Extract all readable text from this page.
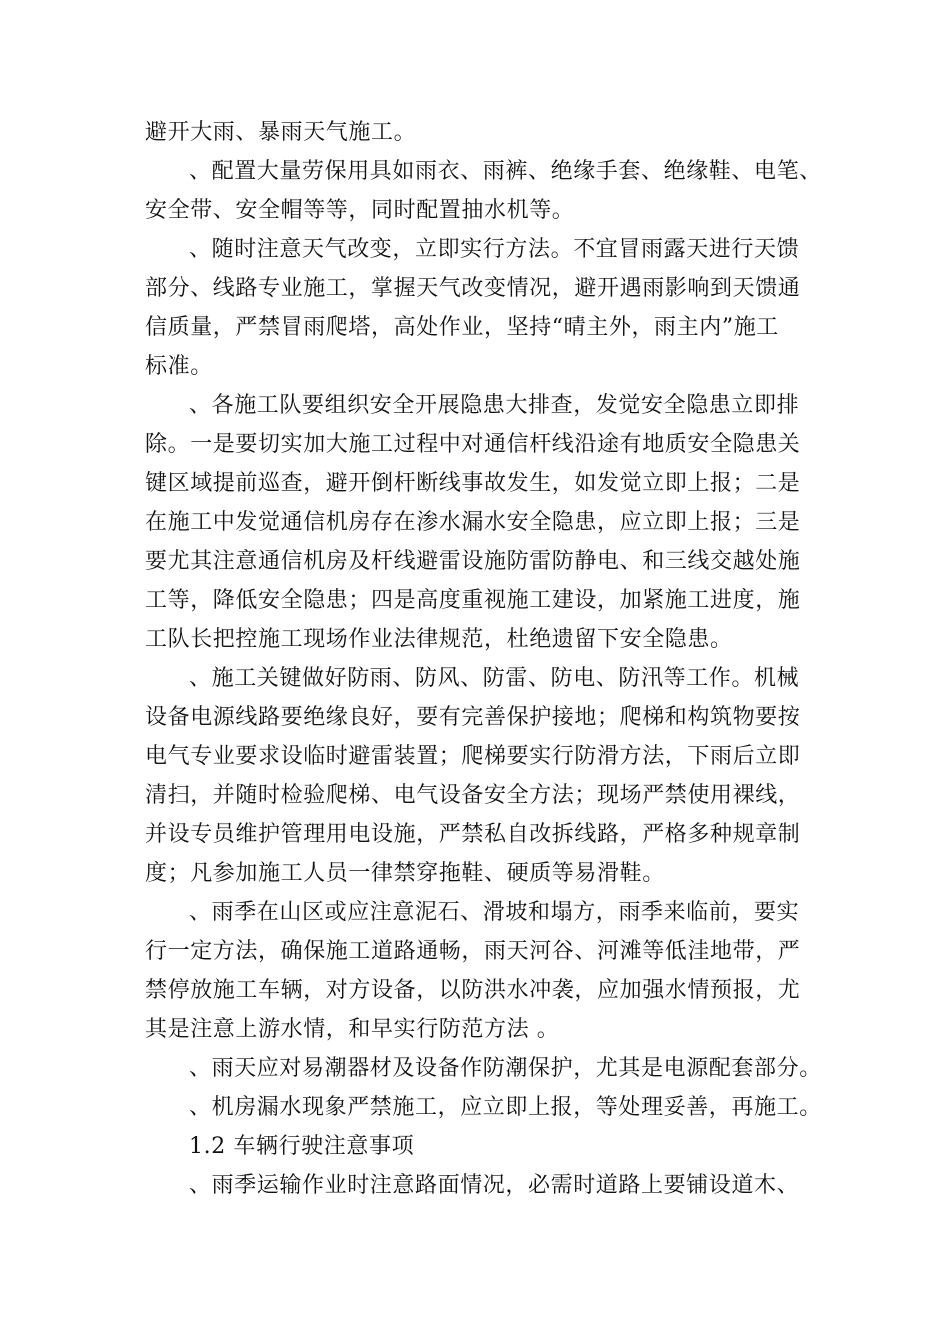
避开大雨、暴雨天气施工。
、配置大量劳保用具如雨衣、雨裤、绝缘手套、绝缘鞋、电笔、
安全带、安全帽等等，同时配置抽水机等。
、随时注意天气改变，立即实行方法。不宜冒雨露天进行天馈
部分、线路专业施工，掌握天气改变情况，避开遇雨影响到天馈通
信质量，严禁冒雨爬塔，高处作业，坚持“晴主外，雨主内”施工
标准。
、各施工队要组织安全开展隐患大排查，发觉安全隐患立即排
除。一是要切实加大施工过程中对通信杆线沿途有地质安全隐患关
键区域提前巡查，避开倒杆断线事故发生，如发觉立即上报；二是
在施工中发觉通信机房存在渗水漏水安全隐患，应立即上报；三是
要尤其注意通信机房及杆线避雷设施防雷防静电、和三线交越处施
工等，降低安全隐患；四是高度重视施工建设，加紧施工进度，施
工队长把控施工现场作业法律规范，杜绝遗留下安全隐患。
、施工关键做好防雨、防风、防雷、防电、防汛等工作。机械
设备电源线路要绝缘良好，要有完善保护接地；爬梯和构筑物要按
电气专业要求设临时避雷装置；爬梯要实行防滑方法，下雨后立即
清扫，并随时检验爬梯、电气设备安全方法；现场严禁使用裸线，
并设专员维护管理用电设施，严禁私自改拆线路，严格多种规章制
度；凡参加施工人员一律禁穿拖鞋、硬质等易滑鞋。
、雨季在山区或应注意泥石、滑坡和塌方，雨季来临前，要实
行一定方法，确保施工道路通畅，雨天河谷、河滩等低洼地带，严
禁停放施工车辆，对方设备，以防洪水冲袭，应加强水情预报，尤
其是注意上游水情，和早实行防范方法 。
、雨天应对易潮器材及设备作防潮保护，尤其是电源配套部分。
、机房漏水现象严禁施工，应立即上报，等处理妥善，再施工。
1.2 车辆行驶注意事项
、雨季运输作业时注意路面情况，必需时道路上要铺设道木、
